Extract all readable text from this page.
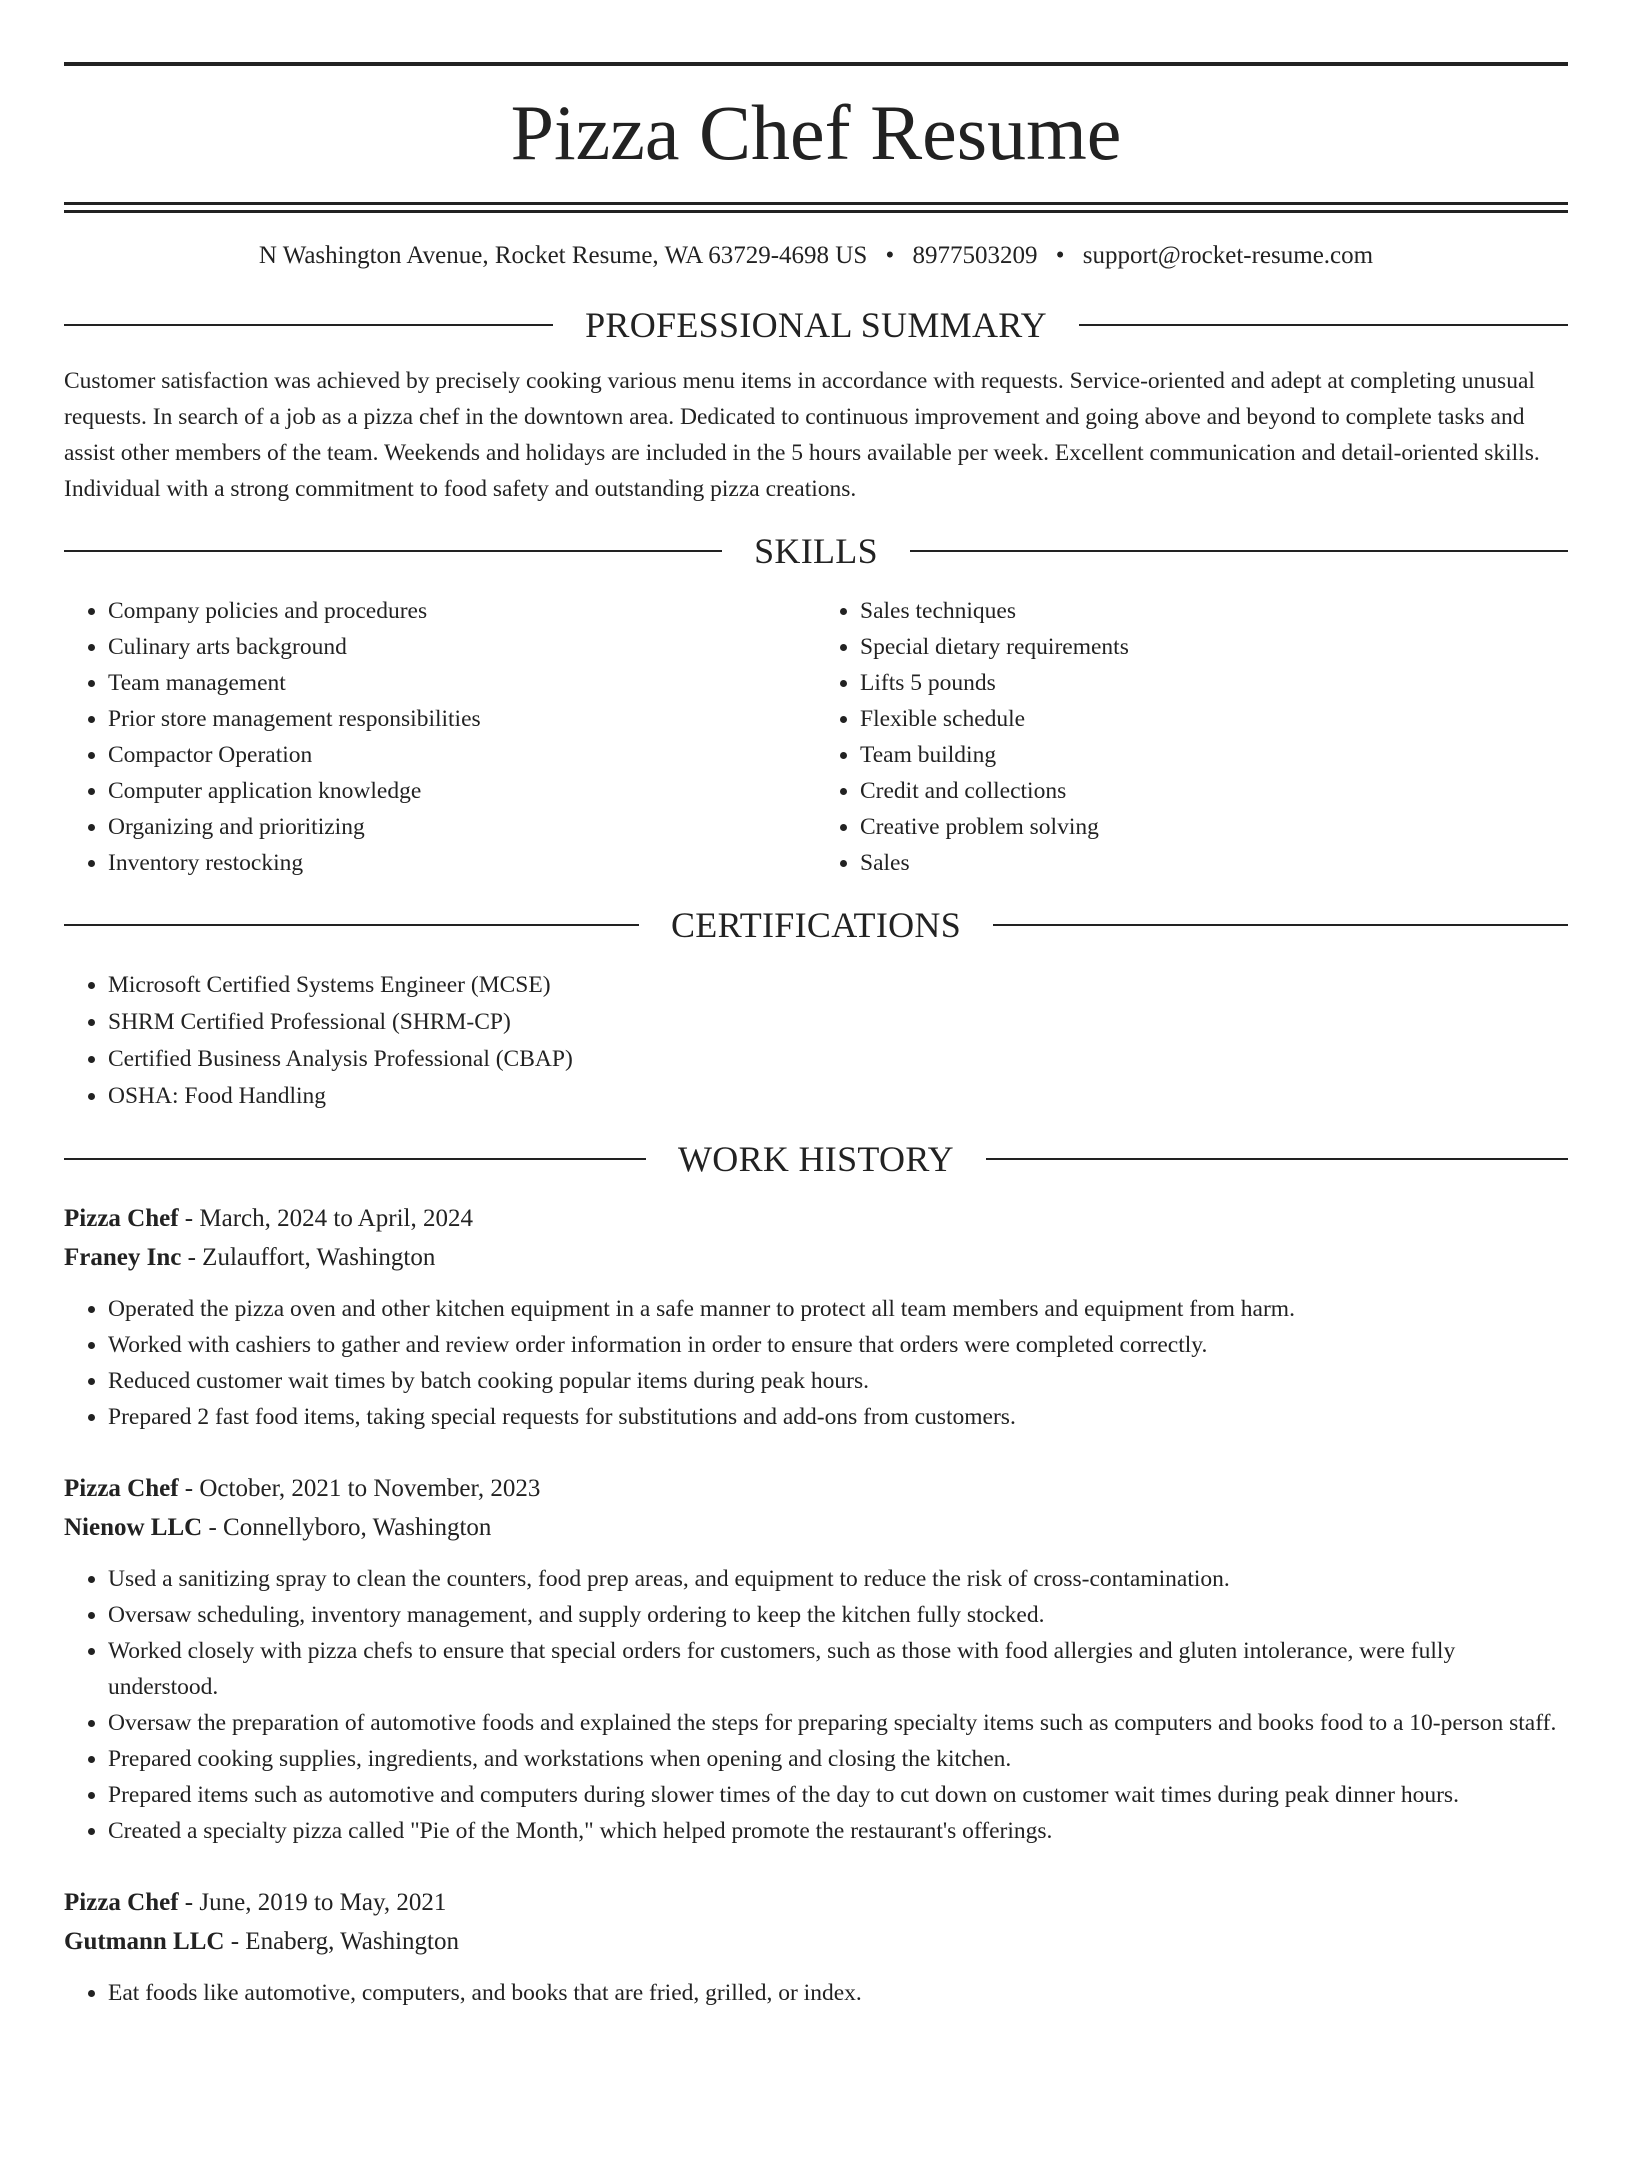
Pizza Chef Resume
N Washington Avenue, Rocket Resume, WA 63729-4698 US • 8977503209 • support@rocket-resume.com
PROFESSIONAL SUMMARY

Customer satisfaction was achieved by precisely cooking various menu items in accordance with requests. Service-oriented and adept at completing unusual requests. In search of a job as a pizza chef in the downtown area. Dedicated to continuous improvement and going above and beyond to complete tasks and assist other members of the team. Weekends and holidays are included in the 5 hours available per week. Excellent communication and detail-oriented skills. Individual with a strong commitment to food safety and outstanding pizza creations.

SKILLS
• Company policies and procedures
• Culinary arts background
• Team management
• Prior store management responsibilities
• Compactor Operation
• Computer application knowledge
• Organizing and prioritizing
• Inventory restocking
• Sales techniques
• Special dietary requirements
• Lifts 5 pounds
• Flexible schedule
• Team building
• Credit and collections
• Creative problem solving
• Sales
CERTIFICATIONS
• Microsoft Certified Systems Engineer (MCSE)
• SHRM Certified Professional (SHRM-CP)
• Certified Business Analysis Professional (CBAP)
• OSHA: Food Handling
WORK HISTORY
Pizza Chef - March, 2024 to April, 2024
Franey Inc - Zulauffort, Washington
• Operated the pizza oven and other kitchen equipment in a safe manner to protect all team members and equipment from harm.
• Worked with cashiers to gather and review order information in order to ensure that orders were completed correctly.
• Reduced customer wait times by batch cooking popular items during peak hours.
• Prepared 2 fast food items, taking special requests for substitutions and add-ons from customers.
Pizza Chef - October, 2021 to November, 2023
Nienow LLC - Connellyboro, Washington
• Used a sanitizing spray to clean the counters, food prep areas, and equipment to reduce the risk of cross-contamination.
• Oversaw scheduling, inventory management, and supply ordering to keep the kitchen fully stocked.
• Worked closely with pizza chefs to ensure that special orders for customers, such as those with food allergies and gluten intolerance, were fully understood.
• Oversaw the preparation of automotive foods and explained the steps for preparing specialty items such as computers and books food to a 10-person staff.
• Prepared cooking supplies, ingredients, and workstations when opening and closing the kitchen.
• Prepared items such as automotive and computers during slower times of the day to cut down on customer wait times during peak dinner hours.
• Created a specialty pizza called "Pie of the Month," which helped promote the restaurant's offerings.
Pizza Chef - June, 2019 to May, 2021
Gutmann LLC - Enaberg, Washington
• Eat foods like automotive, computers, and books that are fried, grilled, or index.
